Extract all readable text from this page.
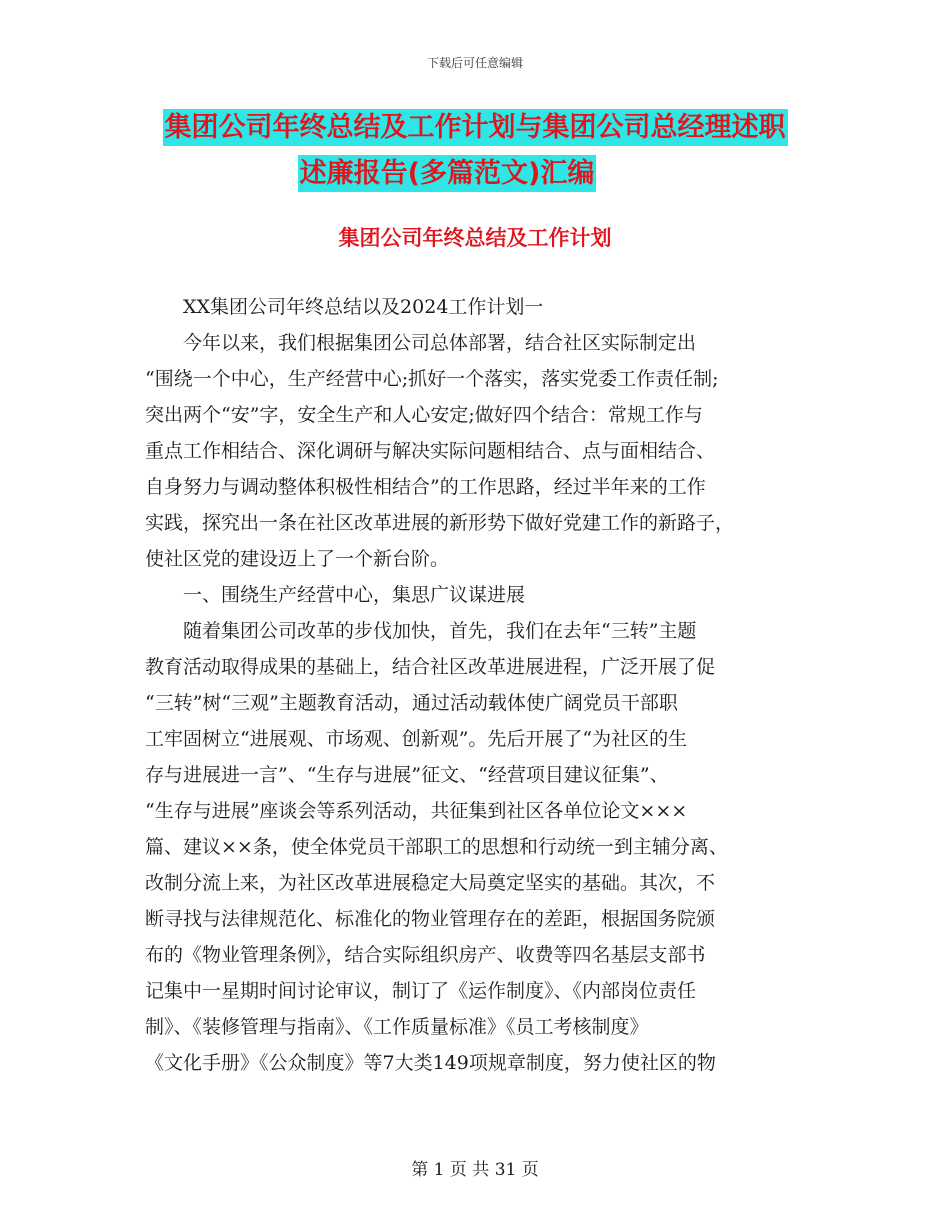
下载后可任意编辑
集团公司年终总结及工作计划与集团公司总经理述职
述廉报告(多篇范文)汇编
集团公司年终总结及工作计划
XX集团公司年终总结以及2024工作计划一
今年以来，我们根据集团公司总体部署，结合社区实际制定出
“围绕一个中心，生产经营中心;抓好一个落实，落实党委工作责任制;
突出两个“安”字，安全生产和人心安定;做好四个结合：常规工作与
重点工作相结合、深化调研与解决实际问题相结合、点与面相结合、
自身努力与调动整体积极性相结合”的工作思路，经过半年来的工作
实践，探究出一条在社区改革进展的新形势下做好党建工作的新路子，
使社区党的建设迈上了一个新台阶。
一、围绕生产经营中心，集思广议谋进展
随着集团公司改革的步伐加快，首先，我们在去年“三转”主题
教育活动取得成果的基础上，结合社区改革进展进程，广泛开展了促
“三转”树“三观”主题教育活动，通过活动载体使广阔党员干部职
工牢固树立“进展观、市场观、创新观”。先后开展了“为社区的生
存与进展进一言”、“生存与进展”征文、“经营项目建议征集”、
“生存与进展”座谈会等系列活动，共征集到社区各单位论文×××
篇、建议××条，使全体党员干部职工的思想和行动统一到主辅分离、
改制分流上来，为社区改革进展稳定大局奠定坚实的基础。其次，不
断寻找与法律规范化、标准化的物业管理存在的差距，根据国务院颁
布的《物业管理条例》，结合实际组织房产、收费等四名基层支部书
记集中一星期时间讨论审议，制订了《运作制度》、《内部岗位责任
制》、《装修管理与指南》、《工作质量标准》《员工考核制度》
《文化手册》《公众制度》等7大类149项规章制度，努力使社区的物
第 1 页 共 31 页
